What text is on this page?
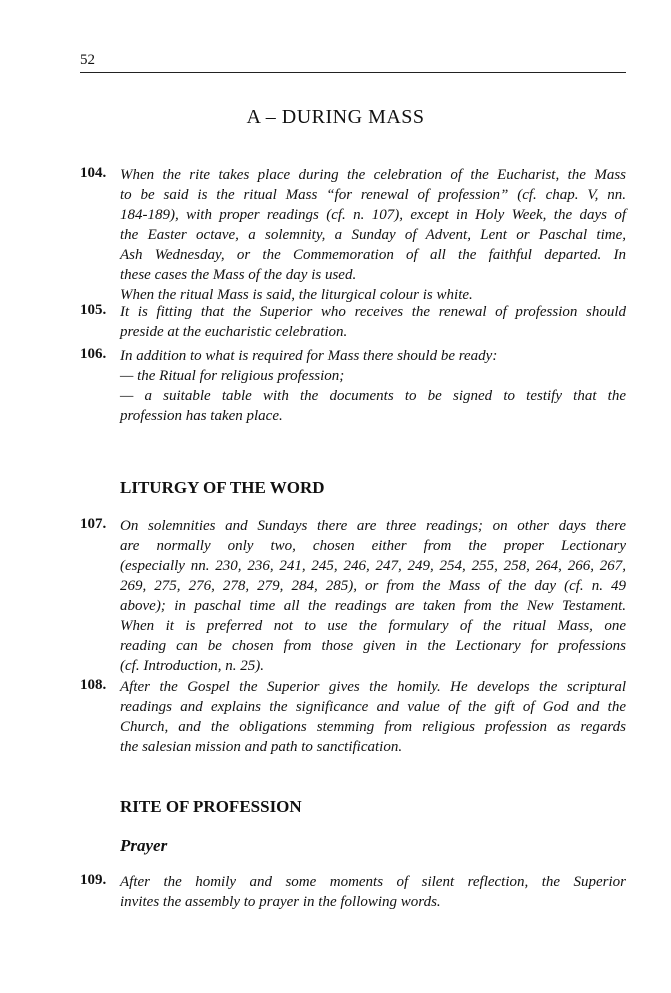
52
A – DURING MASS
104. When the rite takes place during the celebration of the Eucharist, the Mass
to be said is the ritual Mass “for renewal of profession” (cf. chap. V, nn.
184-189), with proper readings (cf. n. 107), except in Holy Week, the days of
the Easter octave, a solemnity, a Sunday of Advent, Lent or Paschal time,
Ash Wednesday, or the Commemoration of all the faithful departed. In
these cases the Mass of the day is used.
When the ritual Mass is said, the liturgical colour is white.
105. It is fitting that the Superior who receives the renewal of profession should
preside at the eucharistic celebration.
106. In addition to what is required for Mass there should be ready:
— the Ritual for religious profession;
— a suitable table with the documents to be signed to testify that the
profession has taken place.
LITURGY OF THE WORD
107. On solemnities and Sundays there are three readings; on other days there
are normally only two, chosen either from the proper Lectionary
(especially nn. 230, 236, 241, 245, 246, 247, 249, 254, 255, 258, 264, 266, 267,
269, 275, 276, 278, 279, 284, 285), or from the Mass of the day (cf. n. 49
above); in paschal time all the readings are taken from the New Testament.
When it is preferred not to use the formulary of the ritual Mass, one
reading can be chosen from those given in the Lectionary for professions
(cf. Introduction, n. 25).
108. After the Gospel the Superior gives the homily. He develops the scriptural
readings and explains the significance and value of the gift of God and the
Church, and the obligations stemming from religious profession as regards
the salesian mission and path to sanctification.
RITE OF PROFESSION
Prayer
109. After the homily and some moments of silent reflection, the Superior
invites the assembly to prayer in the following words.
